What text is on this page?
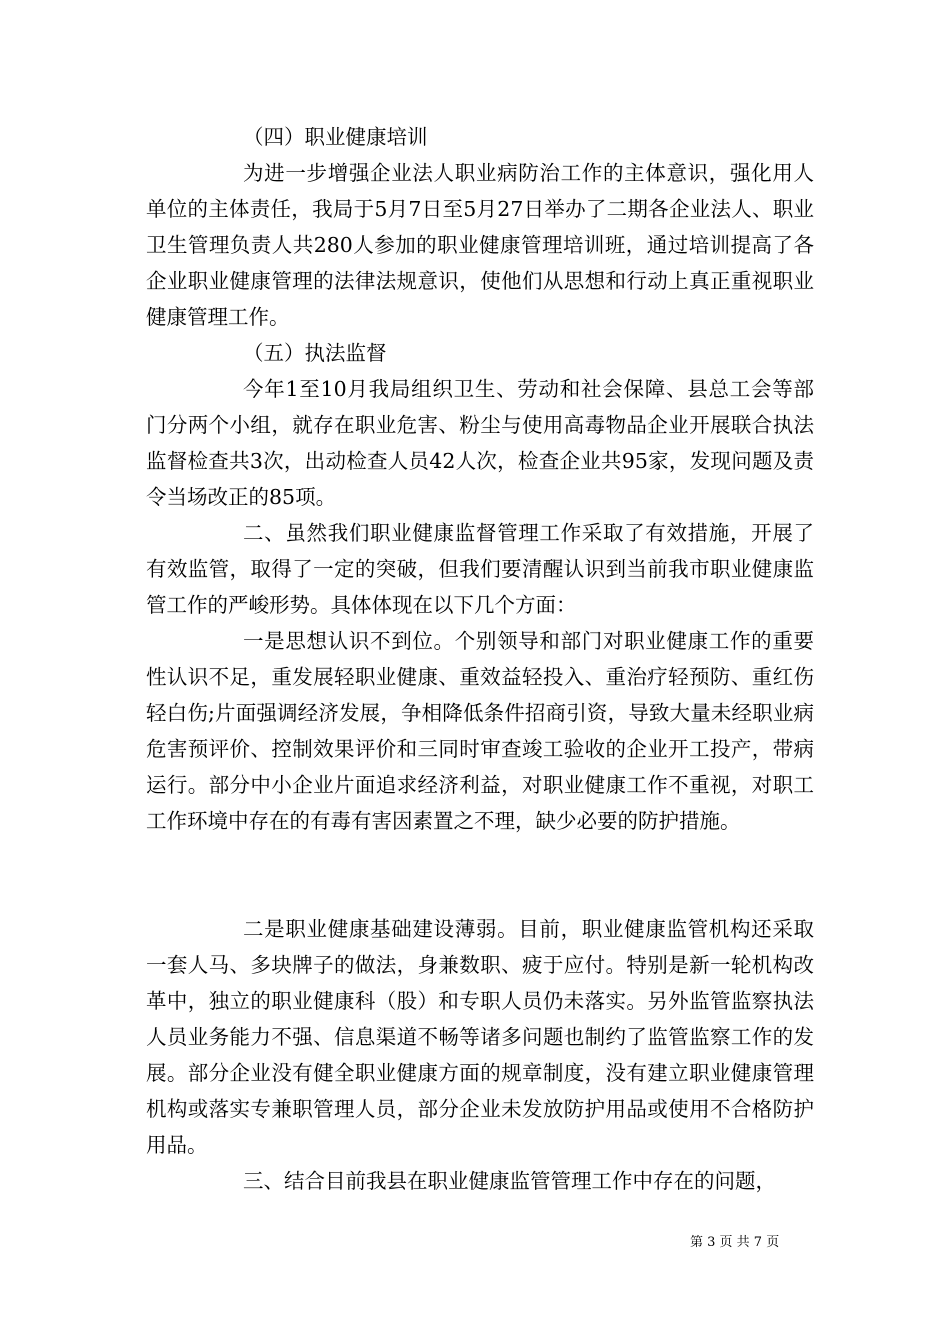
（四）职业健康培训

为进一步增强企业法人职业病防治工作的主体意识，强化用人单位的主体责任，我局于5月7日至5月27日举办了二期各企业法人、职业卫生管理负责人共280人参加的职业健康管理培训班，通过培训提高了各企业职业健康管理的法律法规意识，使他们从思想和行动上真正重视职业健康管理工作。

（五）执法监督

今年1至10月我局组织卫生、劳动和社会保障、县总工会等部门分两个小组，就存在职业危害、粉尘与使用高毒物品企业开展联合执法监督检查共3次，出动检查人员42人次，检查企业共95家，发现问题及责令当场改正的85项。

二、虽然我们职业健康监督管理工作采取了有效措施，开展了有效监管，取得了一定的突破，但我们要清醒认识到当前我市职业健康监管工作的严峻形势。具体体现在以下几个方面：

一是思想认识不到位。个别领导和部门对职业健康工作的重要性认识不足，重发展轻职业健康、重效益轻投入、重治疗轻预防、重红伤轻白伤;片面强调经济发展，争相降低条件招商引资，导致大量未经职业病危害预评价、控制效果评价和三同时审查竣工验收的企业开工投产，带病运行。部分中小企业片面追求经济利益，对职业健康工作不重视，对职工工作环境中存在的有毒有害因素置之不理，缺少必要的防护措施。

二是职业健康基础建设薄弱。目前，职业健康监管机构还采取一套人马、多块牌子的做法，身兼数职、疲于应付。特别是新一轮机构改革中，独立的职业健康科（股）和专职人员仍未落实。另外监管监察执法人员业务能力不强、信息渠道不畅等诸多问题也制约了监管监察工作的发展。部分企业没有健全职业健康方面的规章制度，没有建立职业健康管理机构或落实专兼职管理人员，部分企业未发放防护用品或使用不合格防护用品。

三、结合目前我县在职业健康监管管理工作中存在的问题，

第 3 页 共 7 页
